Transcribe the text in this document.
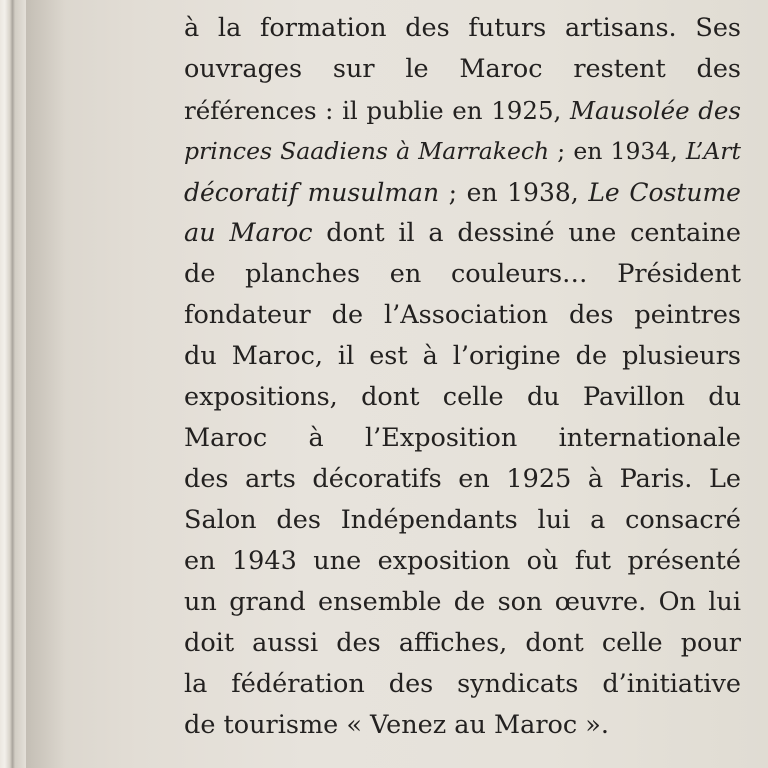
à la formation des futurs artisans. Ses
ouvrages sur le Maroc restent des
références : il publie en 1925, Mausolée des
princes Saadiens à Marrakech ; en 1934, L’Art
décoratif musulman ; en 1938, Le Costume
au Maroc dont il a dessiné une centaine
de planches en couleurs… Président
fondateur de l’Association des peintres
du Maroc, il est à l’origine de plusieurs
expositions, dont celle du Pavillon du
Maroc à l’Exposition internationale
des arts décoratifs en 1925 à Paris. Le
Salon des Indépendants lui a consacré
en 1943 une exposition où fut présenté
un grand ensemble de son œuvre. On lui
doit aussi des affiches, dont celle pour
la fédération des syndicats d’initiative
de tourisme « Venez au Maroc ».
